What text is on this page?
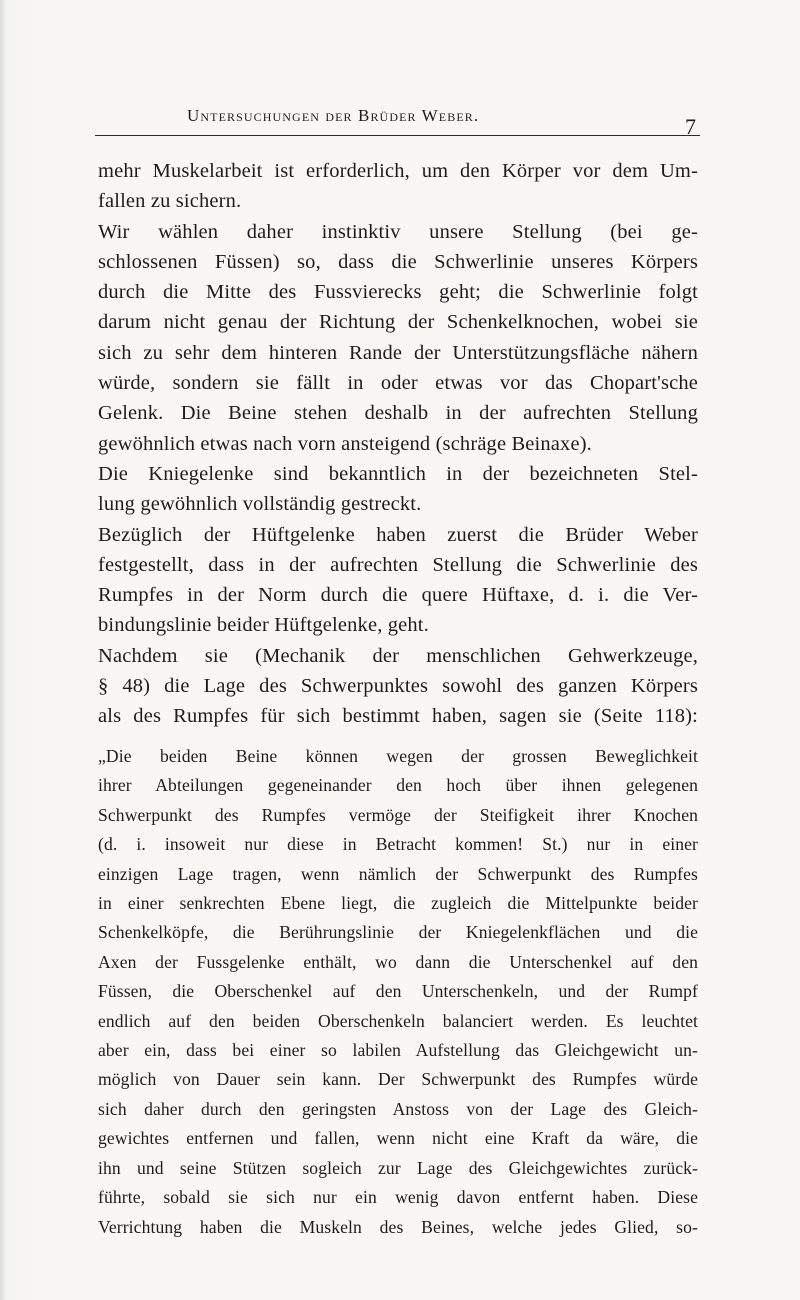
Untersuchungen der Brüder Weber.	7

mehr Muskelarbeit ist erforderlich, um den Körper vor dem Um-
fallen zu sichern.

Wir wählen daher instinktiv unsere Stellung (bei ge-
schlossenen Füssen) so, dass die Schwerlinie unseres Körpers
durch die Mitte des Fussvierecks geht; die Schwerlinie folgt
darum nicht genau der Richtung der Schenkelknochen, wobei sie
sich zu sehr dem hinteren Rande der Unterstützungsfläche nähern
würde, sondern sie fällt in oder etwas vor das Chopart'sche
Gelenk. Die Beine stehen deshalb in der aufrechten Stellung
gewöhnlich etwas nach vorn ansteigend (schräge Beinaxe).

Die Kniegelenke sind bekanntlich in der bezeichneten Stel-
lung gewöhnlich vollständig gestreckt.

Bezüglich der Hüftgelenke haben zuerst die Brüder Weber
festgestellt, dass in der aufrechten Stellung die Schwerlinie des
Rumpfes in der Norm durch die quere Hüftaxe, d. i. die Ver-
bindungslinie beider Hüftgelenke, geht.

Nachdem sie (Mechanik der menschlichen Gehwerkzeuge,
§ 48) die Lage des Schwerpunktes sowohl des ganzen Körpers
als des Rumpfes für sich bestimmt haben, sagen sie (Seite 118):

„Die beiden Beine können wegen der grossen Beweglichkeit
ihrer Abteilungen gegeneinander den hoch über ihnen gelegenen
Schwerpunkt des Rumpfes vermöge der Steifigkeit ihrer Knochen
(d. i. insoweit nur diese in Betracht kommen! St.) nur in einer
einzigen Lage tragen, wenn nämlich der Schwerpunkt des Rumpfes
in einer senkrechten Ebene liegt, die zugleich die Mittelpunkte beider
Schenkelköpfe, die Berührungslinie der Kniegelenkflächen und die
Axen der Fussgelenke enthält, wo dann die Unterschenkel auf den
Füssen, die Oberschenkel auf den Unterschenkeln, und der Rumpf
endlich auf den beiden Oberschenkeln balanciert werden. Es leuchtet
aber ein, dass bei einer so labilen Aufstellung das Gleichgewicht un-
möglich von Dauer sein kann. Der Schwerpunkt des Rumpfes würde
sich daher durch den geringsten Anstoss von der Lage des Gleich-
gewichtes entfernen und fallen, wenn nicht eine Kraft da wäre, die
ihn und seine Stützen sogleich zur Lage des Gleichgewichtes zurück-
führte, sobald sie sich nur ein wenig davon entfernt haben. Diese
Verrichtung haben die Muskeln des Beines, welche jedes Glied, so-
